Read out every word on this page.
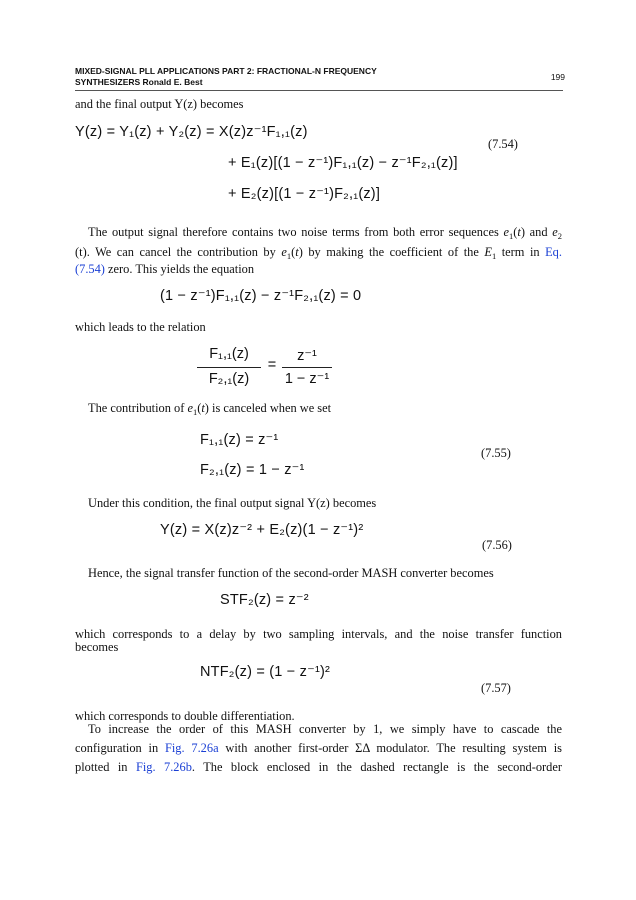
MIXED-SIGNAL PLL APPLICATIONS PART 2: FRACTIONAL-N FREQUENCY
SYNTHESIZERS Ronald E. Best	199
and the final output Y(z) becomes
Y(z) = Y₁(z) + Y₂(z) = X(z)z⁻¹F₁,₁(z)
+ E₁(z)[(1 − z⁻¹)F₁,₁(z) − z⁻¹F₂,₁(z)]
+ E₂(z)[(1 − z⁻¹)F₂,₁(z)]
(7.54)
The output signal therefore contains two noise terms from both error sequences $e_1(t)$ and $e_2$
(t). We can cancel the contribution by $e_1(t)$ by making the coefficient of the $E_1$ term in Eq.
(7.54) zero. This yields the equation
(1 − z⁻¹)F₁,₁(z) − z⁻¹F₂,₁(z) = 0
which leads to the relation
F₁,₁(z)
F₂,₁(z)
=
z⁻¹
1 − z⁻¹
The contribution of $e_1(t)$ is canceled when we set
F₁,₁(z) = z⁻¹
F₂,₁(z) = 1 − z⁻¹
(7.55)
Under this condition, the final output signal Y(z) becomes
Y(z) = X(z)z⁻² + E₂(z)(1 − z⁻¹)²
(7.56)
Hence, the signal transfer function of the second-order MASH converter becomes
STF₂(z) = z⁻²
which corresponds to a delay by two sampling intervals, and the noise transfer function
becomes
NTF₂(z) = (1 − z⁻¹)²
(7.57)
which corresponds to double differentiation.
To increase the order of this MASH converter by 1, we simply have to cascade the
configuration in Fig. 7.26a with another first-order ΣΔ modulator. The resulting system is
plotted in Fig. 7.26b. The block enclosed in the dashed rectangle is the second-order
